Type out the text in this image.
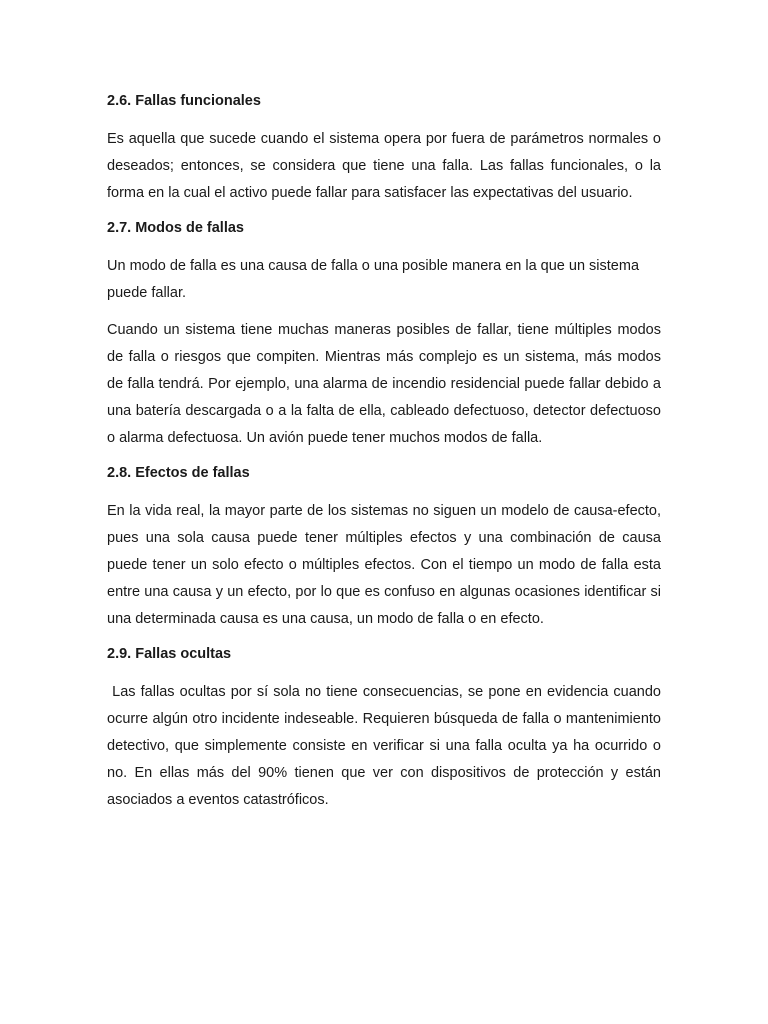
2.6. Fallas funcionales

Es aquella que sucede cuando el sistema opera por fuera de parámetros normales o deseados; entonces, se considera que tiene una falla. Las fallas funcionales, o la forma en la cual el activo puede fallar para satisfacer las expectativas del usuario.

2.7. Modos de fallas

Un modo de falla es una causa de falla o una posible manera en la que un sistema puede fallar.

Cuando un sistema tiene muchas maneras posibles de fallar, tiene múltiples modos de falla o riesgos que compiten. Mientras más complejo es un sistema, más modos de falla tendrá. Por ejemplo, una alarma de incendio residencial puede fallar debido a una batería descargada o a la falta de ella, cableado defectuoso, detector defectuoso o alarma defectuosa. Un avión puede tener muchos modos de falla.

2.8. Efectos de fallas

En la vida real, la mayor parte de los sistemas no siguen un modelo de causa-efecto, pues una sola causa puede tener múltiples efectos y una combinación de causa puede tener un solo efecto o múltiples efectos. Con el tiempo un modo de falla esta entre una causa y un efecto, por lo que es confuso en algunas ocasiones identificar si una determinada causa es una causa, un modo de falla o en efecto.

2.9. Fallas ocultas

Las fallas ocultas por sí sola no tiene consecuencias, se pone en evidencia cuando ocurre algún otro incidente indeseable. Requieren búsqueda de falla o mantenimiento detectivo, que simplemente consiste en verificar si una falla oculta ya ha ocurrido o no. En ellas más del 90% tienen que ver con dispositivos de protección y están asociados a eventos catastróficos.
